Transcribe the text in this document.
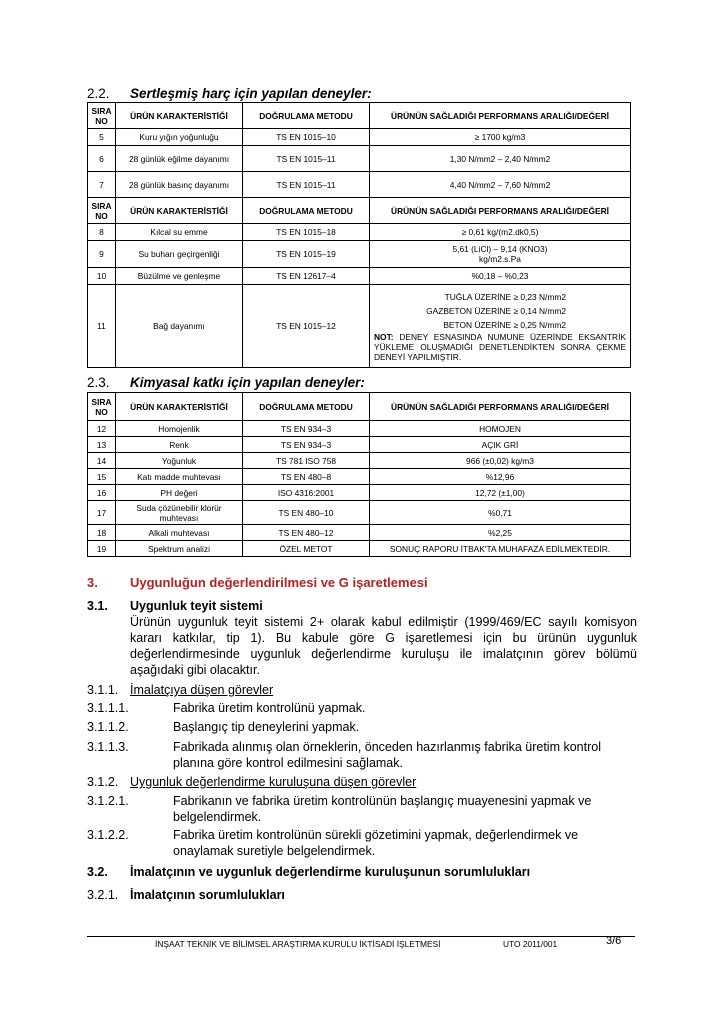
2.2. Sertleşmiş harç için yapılan deneyler:
SIRA NO	ÜRÜN KARAKTERİSTİĞİ	DOĞRULAMA METODU	ÜRÜNÜN SAĞLADIĞI PERFORMANS ARALIĞI/DEĞERİ
5	Kuru yığın yoğunluğu	TS EN 1015–10	≥ 1700 kg/m3
6	28 günlük eğilme dayanımı	TS EN 1015–11	1,30 N/mm2 – 2,40 N/mm2
7	28 günlük basınç dayanımı	TS EN 1015–11	4,40 N/mm2 – 7,60 N/mm2
SIRA NO	ÜRÜN KARAKTERİSTİĞİ	DOĞRULAMA METODU	ÜRÜNÜN SAĞLADIĞI PERFORMANS ARALIĞI/DEĞERİ
8	Kılcal su emme	TS EN 1015–18	≥ 0,61 kg/(m2.dk0,5)
9	Su buharı geçirgenliği	TS EN 1015–19	5,61 (LiCl) – 9,14 (KNO3)
kg/m2.s.Pa

10	Büzülme ve genleşme	TS EN 12617–4	%0,18 – %0,23
11	Bağ dayanımı	TS EN 1015–12	TUĞLA ÜZERİNE ≥ 0,23 N/mm2
GAZBETON ÜZERİNE ≥ 0,14 N/mm2
BETON ÜZERİNE ≥ 0,25 N/mm2
NOT: DENEY ESNASINDA NUMUNE ÜZERİNDE EKSANTRİK YÜKLEME OLUŞMADIĞI DENETLENDİKTEN SONRA ÇEKME DENEYİ YAPILMIŞTIR.
2.3. Kimyasal katkı için yapılan deneyler:
SIRA NO	ÜRÜN KARAKTERİSTİĞİ	DOĞRULAMA METODU	ÜRÜNÜN SAĞLADIĞI PERFORMANS ARALIĞI/DEĞERİ
12	Homojenlik	TS EN 934–3	HOMOJEN
13	Renk	TS EN 934–3	AÇIK GRİ
14	Yoğunluk	TS 781 ISO 758	966 (±0,02) kg/m3
15	Katı madde muhtevası	TS EN 480–8	%12,96
16	PH değeri	ISO 4316:2001	12,72 (±1,00)
17	Suda çözünebilir klorür muhtevası	TS EN 480–10	%0,71
18	Alkali muhtevası	TS EN 480–12	%2,25
19	Spektrum analizi	ÖZEL METOT	SONUÇ RAPORU İTBAK'TA MUHAFAZA EDİLMEKTEDİR.
3. Uygunluğun değerlendirilmesi ve G işaretlemesi
3.1. Uygunluk teyit sistemi
Ürünün uygunluk teyit sistemi 2+ olarak kabul edilmiştir (1999/469/EC sayılı komisyon kararı katkılar, tip 1). Bu kabule göre G işaretlemesi için bu ürünün uygunluk değerlendirmesinde uygunluk değerlendirme kuruluşu ile imalatçının görev bölümü aşağıdaki gibi olacaktır.
3.1.1. İmalatçıya düşen görevler
3.1.1.1.	Fabrika üretim kontrolünü yapmak.
3.1.1.2.	Başlangıç tip deneylerini yapmak.
3.1.1.3.	Fabrikada alınmış olan örneklerin, önceden hazırlanmış fabrika üretim kontrol planına göre kontrol edilmesini sağlamak.
3.1.2. Uygunluk değerlendirme kuruluşuna düşen görevler
3.1.2.1.	Fabrikanın ve fabrika üretim kontrolünün başlangıç muayenesini yapmak ve belgelendirmek.
3.1.2.2.	Fabrika üretim kontrolünün sürekli gözetimini yapmak, değerlendirmek ve onaylamak suretiyle belgelendirmek.
3.2. İmalatçının ve uygunluk değerlendirme kuruluşunun sorumlulukları
3.2.1. İmalatçının sorumlulukları
İNŞAAT TEKNİK VE BİLİMSEL ARAŞTIRMA KURULU İKTİSADİ İŞLETMESİ	UTO 2011/001	3/6
